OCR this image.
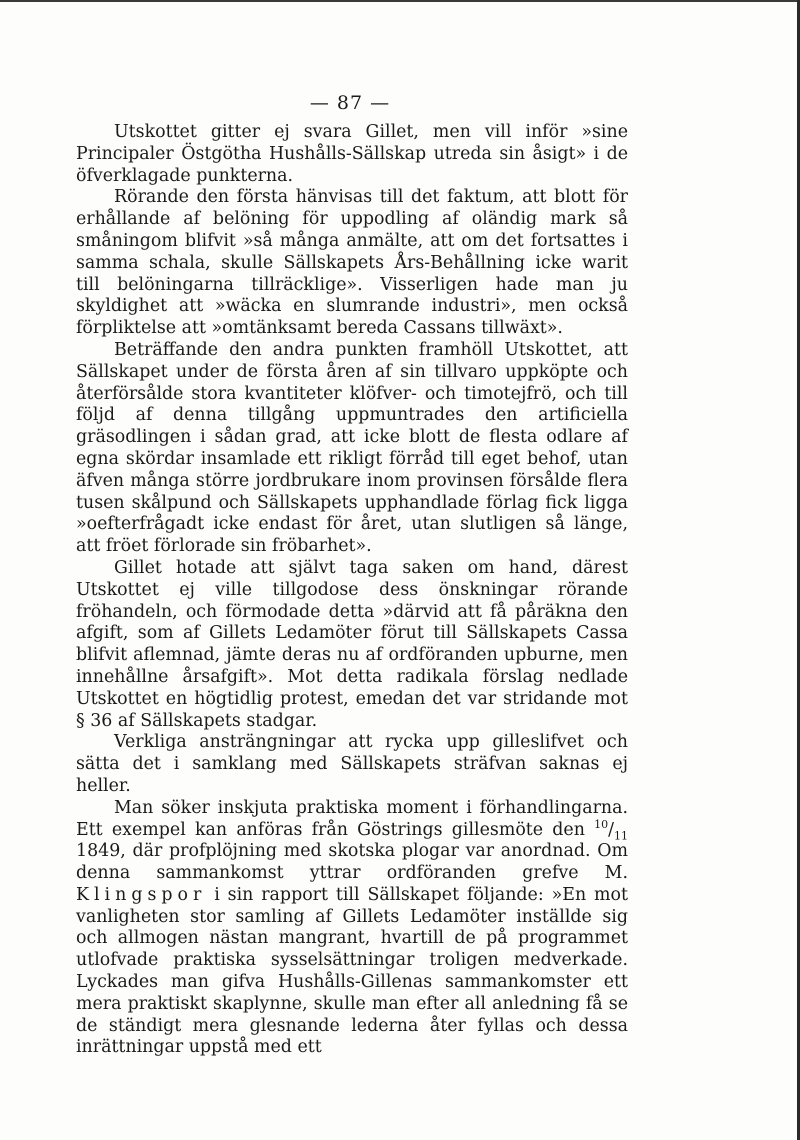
— 87 —

Utskottet gitter ej svara Gillet, men vill inför »sine Principaler Östgötha Hushålls-Sällskap utreda sin åsigt» i de öfverklagade punkterna.

Rörande den första hänvisas till det faktum, att blott för erhållande af belöning för uppodling af oländig mark så småningom blifvit »så många anmälte, att om det fortsattes i samma schala, skulle Sällskapets Års-Behållning icke warit till belöningarna tillräcklige». Visserligen hade man ju skyldighet att »wäcka en slumrande industri», men också förpliktelse att »omtänksamt bereda Cassans tillwäxt».

Beträffande den andra punkten framhöll Utskottet, att Sällskapet under de första åren af sin tillvaro uppköpte och återförsålde stora kvantiteter klöfver- och timotejfrö, och till följd af denna tillgång uppmuntrades den artificiella gräsodlingen i sådan grad, att icke blott de flesta odlare af egna skördar insamlade ett rikligt förråd till eget behof, utan äfven många större jordbrukare inom provinsen försålde flera tusen skålpund och Sällskapets upphandlade förlag fick ligga »oefterfrågadt icke endast för året, utan slutligen så länge, att fröet förlorade sin fröbarhet».

Gillet hotade att självt taga saken om hand, därest Utskottet ej ville tillgodose dess önskningar rörande fröhandeln, och förmodade detta »därvid att få påräkna den afgift, som af Gillets Ledamöter förut till Sällskapets Cassa blifvit aflemnad, jämte deras nu af ordföranden upburne, men innehållne årsafgift». Mot detta radikala förslag nedlade Utskottet en högtidlig protest, emedan det var stridande mot § 36 af Sällskapets stadgar.

Verkliga ansträngningar att rycka upp gilleslifvet och sätta det i samklang med Sällskapets sträfvan saknas ej heller.

Man söker inskjuta praktiska moment i förhandlingarna. Ett exempel kan anföras från Göstrings gillesmöte den $^{10}/_{11}$ 1849, där profplöjning med skotska plogar var anordnad. Om denna sammankomst yttrar ordföranden grefve M. Klingspor i sin rapport till Sällskapet följande: »En mot vanligheten stor samling af Gillets Ledamöter inställde sig och allmogen nästan mangrant, hvartill de på programmet utlofvade praktiska sysselsättningar troligen medverkade. Lyckades man gifva Hushålls-Gillenas sammankomster ett mera praktiskt skaplynne, skulle man efter all anledning få se de ständigt mera glesnande lederna åter fyllas och dessa inrättningar uppstå med ett
